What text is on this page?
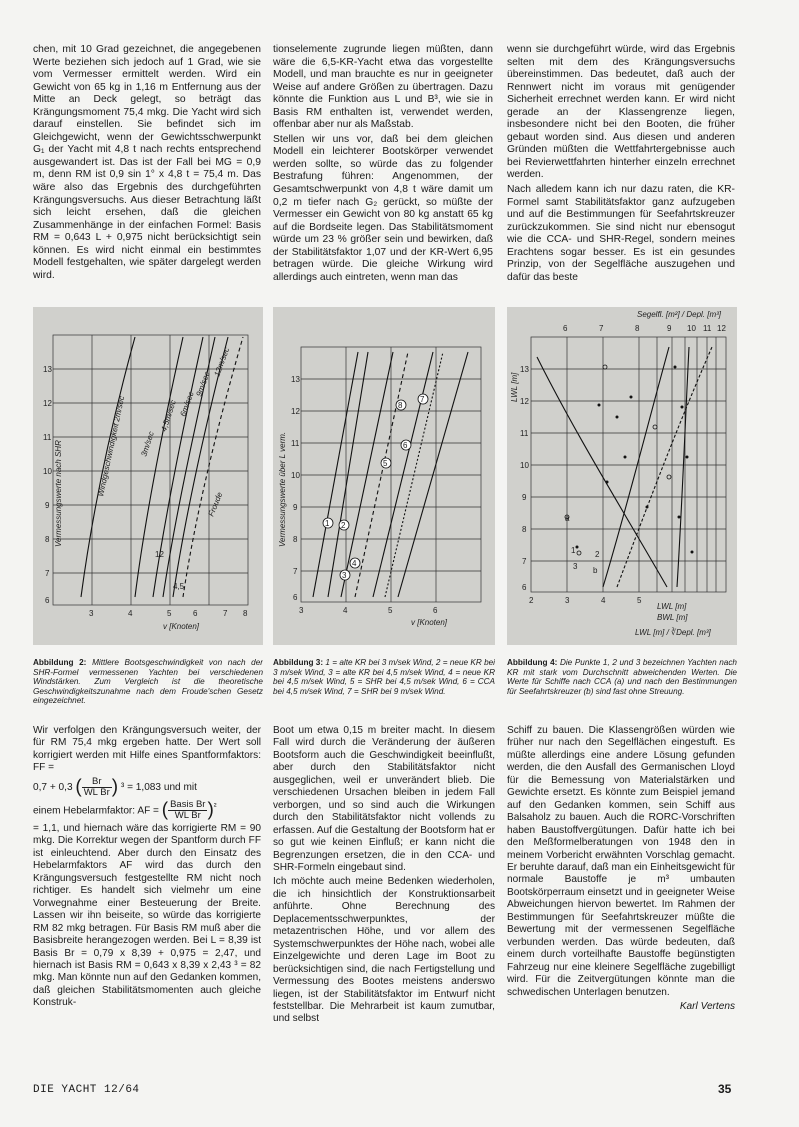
chen, mit 10 Grad gezeichnet, die angegebenen Werte beziehen sich jedoch auf 1 Grad, wie sie vom Vermesser ermittelt werden. Wird ein Gewicht von 65 kg in 1,16 m Entfernung aus der Mitte an Deck gelegt, so beträgt das Krängungsmoment 75,4 mkg. Die Yacht wird sich darauf einstellen. Sie befindet sich im Gleichgewicht, wenn der Gewichtsschwerpunkt G₁ der Yacht mit 4,8 t nach rechts entsprechend ausgewandert ist. Das ist der Fall bei MG = 0,9 m, denn RM ist 0,9 sin 1° x 4,8 t = 75,4 m. Das wäre also das Ergebnis des durchgeführten Krängungsversuchs. Aus dieser Betrachtung läßt sich leicht ersehen, daß die gleichen Zusammenhänge in der einfachen Formel: Basis RM = 0,643 L + 0,975 nicht berücksichtigt sein können. Es wird nicht einmal ein bestimmtes Modell festgehalten, wie später dargelegt werden wird.

tionselemente zugrunde liegen müßten, dann wäre die 6,5-KR-Yacht etwa das vorgestellte Modell, und man brauchte es nur in geeigneter Weise auf andere Größen zu übertragen. Dazu könnte die Funktion aus L und B³, wie sie in Basis RM enthalten ist, verwendet werden, offenbar aber nur als Maßstab.

Stellen wir uns vor, daß bei dem gleichen Modell ein leichterer Bootskörper verwendet werden sollte, so würde das zu folgender Bestrafung führen: Angenommen, der Gesamtschwerpunkt von 4,8 t wäre damit um 0,2 m tiefer nach G₂ gerückt, so müßte der Vermesser ein Gewicht von 80 kg anstatt 65 kg auf die Bordseite legen. Das Stabilitätsmoment würde um 23 % größer sein und bewirken, daß der Stabilitätsfaktor 1,07 und der KR-Wert 6,95 betragen würde. Die gleiche Wirkung wird allerdings auch eintreten, wenn man das

wenn sie durchgeführt würde, wird das Ergebnis selten mit dem des Krängungsversuchs übereinstimmen. Das bedeutet, daß auch der Rennwert nicht im voraus mit genügender Sicherheit errechnet werden kann. Er wird nicht gerade an der Klassengrenze liegen, insbesondere nicht bei den Booten, die früher gebaut worden sind. Aus diesen und anderen Gründen müßten die Wettfahrtergebnisse auch bei Revierwettfahrten hinterher einzeln errechnet werden.

Nach alledem kann ich nur dazu raten, die KR-Formel samt Stabilitätsfaktor ganz aufzugeben und auf die Bestimmungen für Seefahrtskreuzer zurückzukommen. Sie sind nicht nur ebensogut wie die CCA- und SHR-Regel, sondern meines Erachtens sogar besser. Es ist ein gesundes Prinzip, von der Segelfläche auszugehen und dafür das beste

Vermessungswerte nach SHR	Windgeschwindigkeit 2m/sec 3m/sec
4,5m/sec 6m/sec
9m/sec
12m/sec
Froude
12
4,5
13
12
11
10
9
8
7
6
3	4	5	6	7 8
v [Knoten]
1 2
3
4
5
6
7
8
Vermessungswerte über L verm.
13
12
11
10
9
8
7
6
3	4	5	6
v [Knoten]
a
b
1 2
3
Segelfl. [m²] / Depl. [m³]
6	7	8	9 10 11 12
LWL [m]
13
12
11
10
9
8
7
6
2	3	4	5
LWL [m]
BWL [m]
LWL [m] / ∛Depl. [m³]
Abbildung 2: Mittlere Bootsgeschwindigkeit von nach der SHR-Formel vermessenen Yachten bei verschiedenen Windstärken. Zum Vergleich ist die theoretische Geschwindigkeitszunahme nach dem Froude'schen Gesetz eingezeichnet.
Abbildung 3: 1 = alte KR bei 3 m/sek Wind, 2 = neue KR bei 3 m/sek Wind, 3 = alte KR bei 4,5 m/sek Wind, 4 = neue KR bei 4,5 m/sek Wind, 5 = SHR bei 4,5 m/sek Wind, 6 = CCA bei 4,5 m/sek Wind, 7 = SHR bei 9 m/sek Wind.
Abbildung 4: Die Punkte 1, 2 und 3 bezeichnen Yachten nach KR mit stark vom Durchschnitt abweichenden Werten. Die Werte für Schiffe nach CCA (a) und nach den Bestimmungen für Seefahrtskreuzer (b) sind fast ohne Streuung.

Wir verfolgen den Krängungsversuch weiter, der für RM 75,4 mkg ergeben hatte. Der Wert soll korrigiert werden mit Hilfe eines Spantformfaktors: FF =

0,7 + 0,3 ( $\frac{Br}{\text{WL Br}}$ ) ³ = 1,083 und mit

einem Hebelarmfaktor: AF = ( $\frac{\text{Basis Br}}{\text{WL Br}} )^{^2}$

= 1,1, und hiernach wäre das korrigierte RM = 90 mkg. Die Korrektur wegen der Spantform durch FF ist einleuchtend. Aber durch den Einsatz des Hebelarmfaktors AF wird das durch den Krängungsversuch festgestellte RM nicht noch richtiger. Es handelt sich vielmehr um eine Vorwegnahme einer Besteuerung der Breite. Lassen wir ihn beiseite, so würde das korrigierte RM 82 mkg betragen. Für Basis RM muß aber die Basisbreite herangezogen werden. Bei L = 8,39 ist Basis Br = 0,79 x 8,39 + 0,975 = 2,47, und hiernach ist Basis RM = 0,643 x 8,39 x 2,43 ³ = 82 mkg. Man könnte nun auf den Gedanken kommen, daß gleichen Stabilitätsmomenten auch gleiche Konstruk-

Boot um etwa 0,15 m breiter macht. In diesem Fall wird durch die Veränderung der äußeren Bootsform auch die Geschwindigkeit beeinflußt, aber durch den Stabilitätsfaktor nicht ausgeglichen, weil er unverändert blieb. Die verschiedenen Ursachen bleiben in jedem Fall verborgen, und so sind auch die Wirkungen durch den Stabilitätsfaktor nicht vollends zu erfassen. Auf die Gestaltung der Bootsform hat er so gut wie keinen Einfluß; er kann nicht die Begrenzungen ersetzen, die in den CCA- und SHR-Formeln eingebaut sind.

Ich möchte auch meine Bedenken wiederholen, die ich hinsichtlich der Konstruktionsarbeit anführte. Ohne Berechnung des Deplacementsschwerpunktes, der metazentrischen Höhe, und vor allem des Systemschwerpunktes der Höhe nach, wobei alle Einzelgewichte und deren Lage im Boot zu berücksichtigen sind, die nach Fertigstellung und Vermessung des Bootes meistens anderswo liegen, ist der Stabilitätsfaktor im Entwurf nicht feststellbar. Die Mehrarbeit ist kaum zumutbar, und selbst

Schiff zu bauen. Die Klassengrößen würden wie früher nur nach den Segelflächen eingestuft. Es müßte allerdings eine andere Lösung gefunden werden, die den Ausfall des Germanischen Lloyd für die Bemessung von Materialstärken und Gewichte ersetzt. Es könnte zum Beispiel jemand auf den Gedanken kommen, sein Schiff aus Balsaholz zu bauen. Auch die RORC-Vorschriften haben Baustoffvergütungen. Dafür hatte ich bei den Meßformelberatungen von 1948 den in meinem Vorbericht erwähnten Vorschlag gemacht. Er beruhte darauf, daß man ein Einheitsgewicht für normale Baustoffe je m³ umbauten Bootskörperraum einsetzt und in geeigneter Weise Abweichungen hiervon bewertet. Im Rahmen der Bestimmungen für Seefahrtskreuzer müßte die Bewertung mit der vermessenen Segelfläche verbunden werden. Das würde bedeuten, daß einem durch vorteilhafte Baustoffe begünstigten Fahrzeug nur eine kleinere Segelfläche zugebilligt wird. Für die Zeitvergütungen könnte man die schwedischen Unterlagen benutzen.

Karl Vertens

DIE YACHT 12/64	35
